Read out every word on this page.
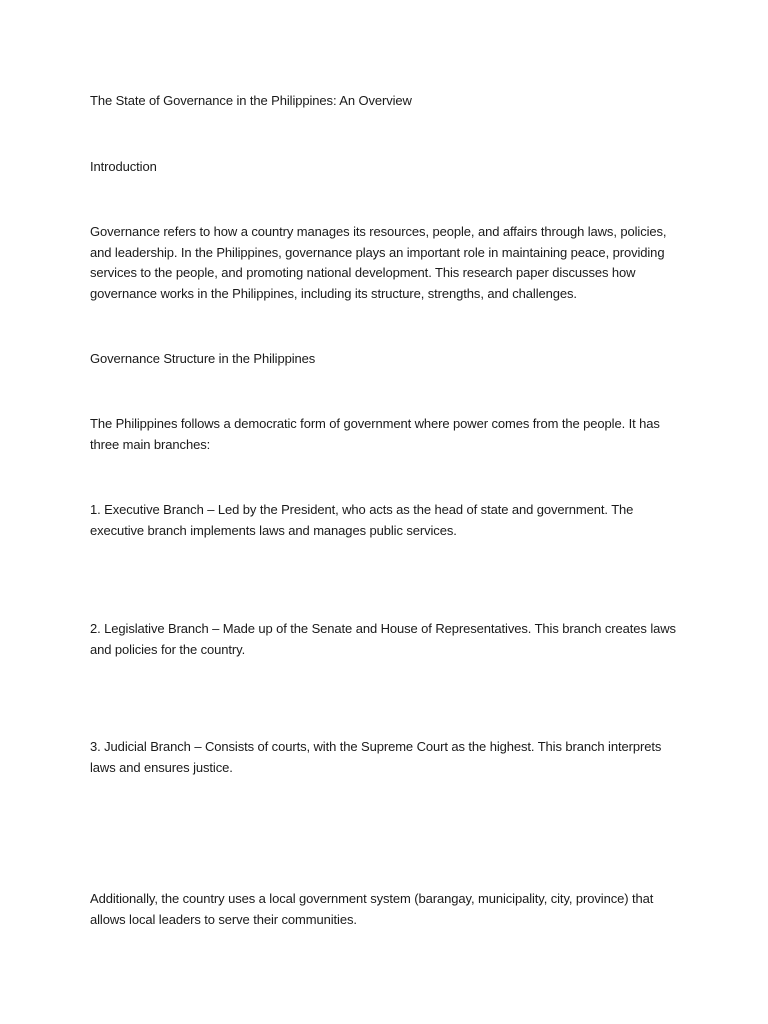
The State of Governance in the Philippines: An Overview

Introduction

Governance refers to how a country manages its resources, people, and affairs through laws, policies, and leadership. In the Philippines, governance plays an important role in maintaining peace, providing services to the people, and promoting national development. This research paper discusses how governance works in the Philippines, including its structure, strengths, and challenges.

Governance Structure in the Philippines

The Philippines follows a democratic form of government where power comes from the people. It has three main branches:

1. Executive Branch – Led by the President, who acts as the head of state and government. The executive branch implements laws and manages public services.

2. Legislative Branch – Made up of the Senate and House of Representatives. This branch creates laws and policies for the country.

3. Judicial Branch – Consists of courts, with the Supreme Court as the highest. This branch interprets laws and ensures justice.

Additionally, the country uses a local government system (barangay, municipality, city, province) that allows local leaders to serve their communities.
